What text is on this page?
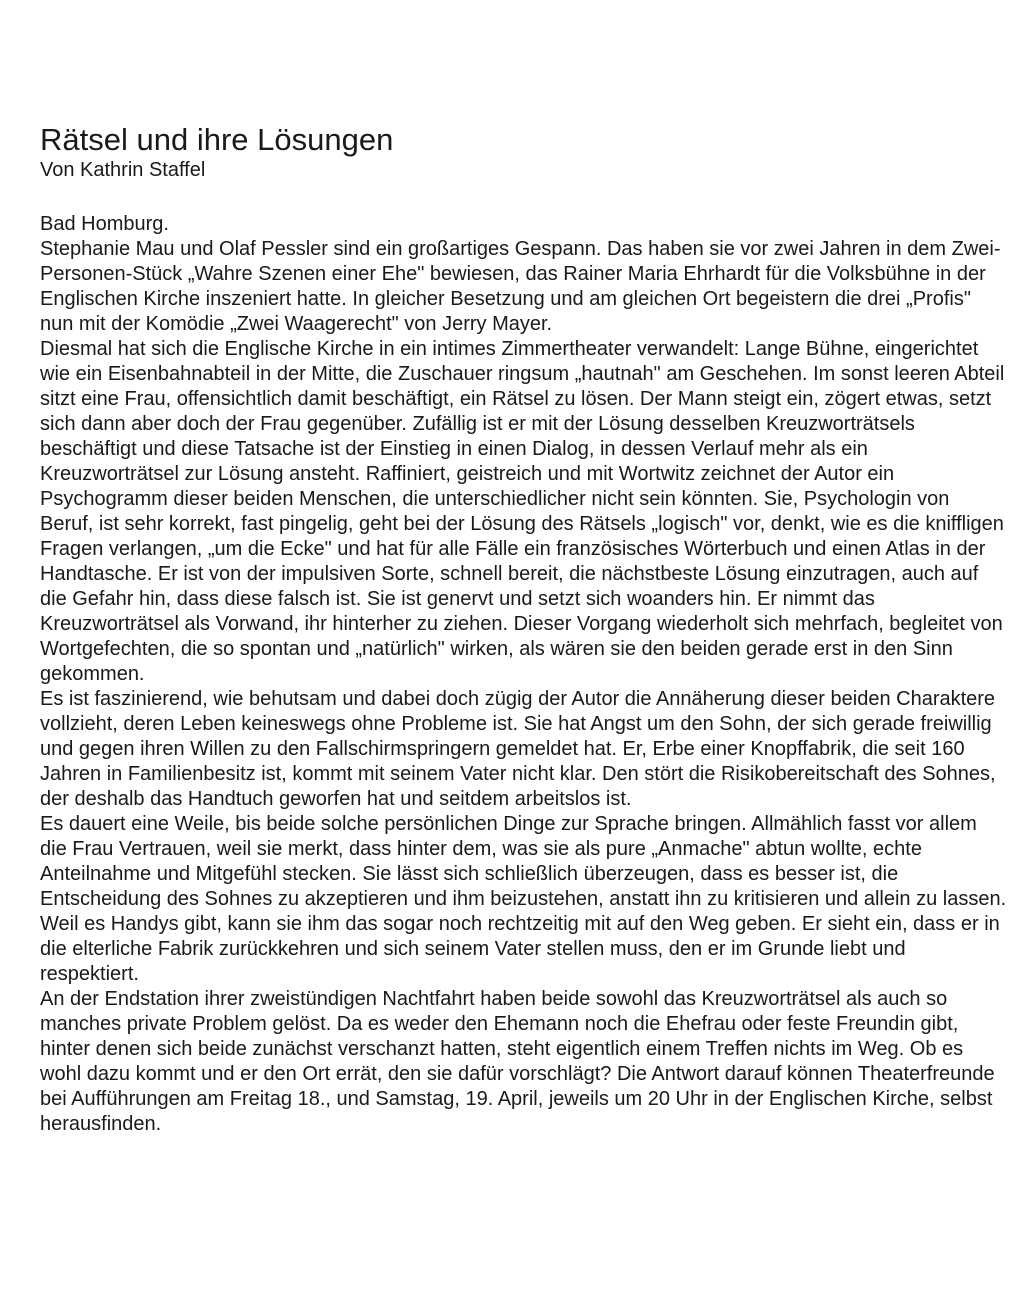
Rätsel und ihre Lösungen
Von Kathrin Staffel

Bad Homburg.

Stephanie Mau und Olaf Pessler sind ein großartiges Gespann. Das haben sie vor zwei Jahren in dem Zwei-Personen-Stück „Wahre Szenen einer Ehe" bewiesen, das Rainer Maria Ehrhardt für die Volksbühne in der Englischen Kirche inszeniert hatte. In gleicher Besetzung und am gleichen Ort begeistern die drei „Profis" nun mit der Komödie „Zwei Waagerecht" von Jerry Mayer.

Diesmal hat sich die Englische Kirche in ein intimes Zimmertheater verwandelt: Lange Bühne, eingerichtet wie ein Eisenbahnabteil in der Mitte, die Zuschauer ringsum „hautnah" am Geschehen. Im sonst leeren Abteil sitzt eine Frau, offensichtlich damit beschäftigt, ein Rätsel zu lösen. Der Mann steigt ein, zögert etwas, setzt sich dann aber doch der Frau gegenüber. Zufällig ist er mit der Lösung desselben Kreuzworträtsels beschäftigt und diese Tatsache ist der Einstieg in einen Dialog, in dessen Verlauf mehr als ein Kreuzworträtsel zur Lösung ansteht. Raffiniert, geistreich und mit Wortwitz zeichnet der Autor ein Psychogramm dieser beiden Menschen, die unterschiedlicher nicht sein könnten. Sie, Psychologin von Beruf, ist sehr korrekt, fast pingelig, geht bei der Lösung des Rätsels „logisch" vor, denkt, wie es die kniffligen Fragen verlangen, „um die Ecke" und hat für alle Fälle ein französisches Wörterbuch und einen Atlas in der Handtasche. Er ist von der impulsiven Sorte, schnell bereit, die nächstbeste Lösung einzutragen, auch auf die Gefahr hin, dass diese falsch ist. Sie ist genervt und setzt sich woanders hin. Er nimmt das Kreuzworträtsel als Vorwand, ihr hinterher zu ziehen. Dieser Vorgang wiederholt sich mehrfach, begleitet von Wortgefechten, die so spontan und „natürlich" wirken, als wären sie den beiden gerade erst in den Sinn gekommen.

Es ist faszinierend, wie behutsam und dabei doch zügig der Autor die Annäherung dieser beiden Charaktere vollzieht, deren Leben keineswegs ohne Probleme ist. Sie hat Angst um den Sohn, der sich gerade freiwillig und gegen ihren Willen zu den Fallschirmspringern gemeldet hat. Er, Erbe einer Knopffabrik, die seit 160 Jahren in Familienbesitz ist, kommt mit seinem Vater nicht klar. Den stört die Risikobereitschaft des Sohnes, der deshalb das Handtuch geworfen hat und seitdem arbeitslos ist.

Es dauert eine Weile, bis beide solche persönlichen Dinge zur Sprache bringen. Allmählich fasst vor allem die Frau Vertrauen, weil sie merkt, dass hinter dem, was sie als pure „Anmache" abtun wollte, echte Anteilnahme und Mitgefühl stecken. Sie lässt sich schließlich überzeugen, dass es besser ist, die Entscheidung des Sohnes zu akzeptieren und ihm beizustehen, anstatt ihn zu kritisieren und allein zu lassen. Weil es Handys gibt, kann sie ihm das sogar noch rechtzeitig mit auf den Weg geben. Er sieht ein, dass er in die elterliche Fabrik zurückkehren und sich seinem Vater stellen muss, den er im Grunde liebt und respektiert.

An der Endstation ihrer zweistündigen Nachtfahrt haben beide sowohl das Kreuzworträtsel als auch so manches private Problem gelöst. Da es weder den Ehemann noch die Ehefrau oder feste Freundin gibt, hinter denen sich beide zunächst verschanzt hatten, steht eigentlich einem Treffen nichts im Weg. Ob es wohl dazu kommt und er den Ort errät, den sie dafür vorschlägt? Die Antwort darauf können Theaterfreunde bei Aufführungen am Freitag 18., und Samstag, 19. April, jeweils um 20 Uhr in der Englischen Kirche, selbst herausfinden.
